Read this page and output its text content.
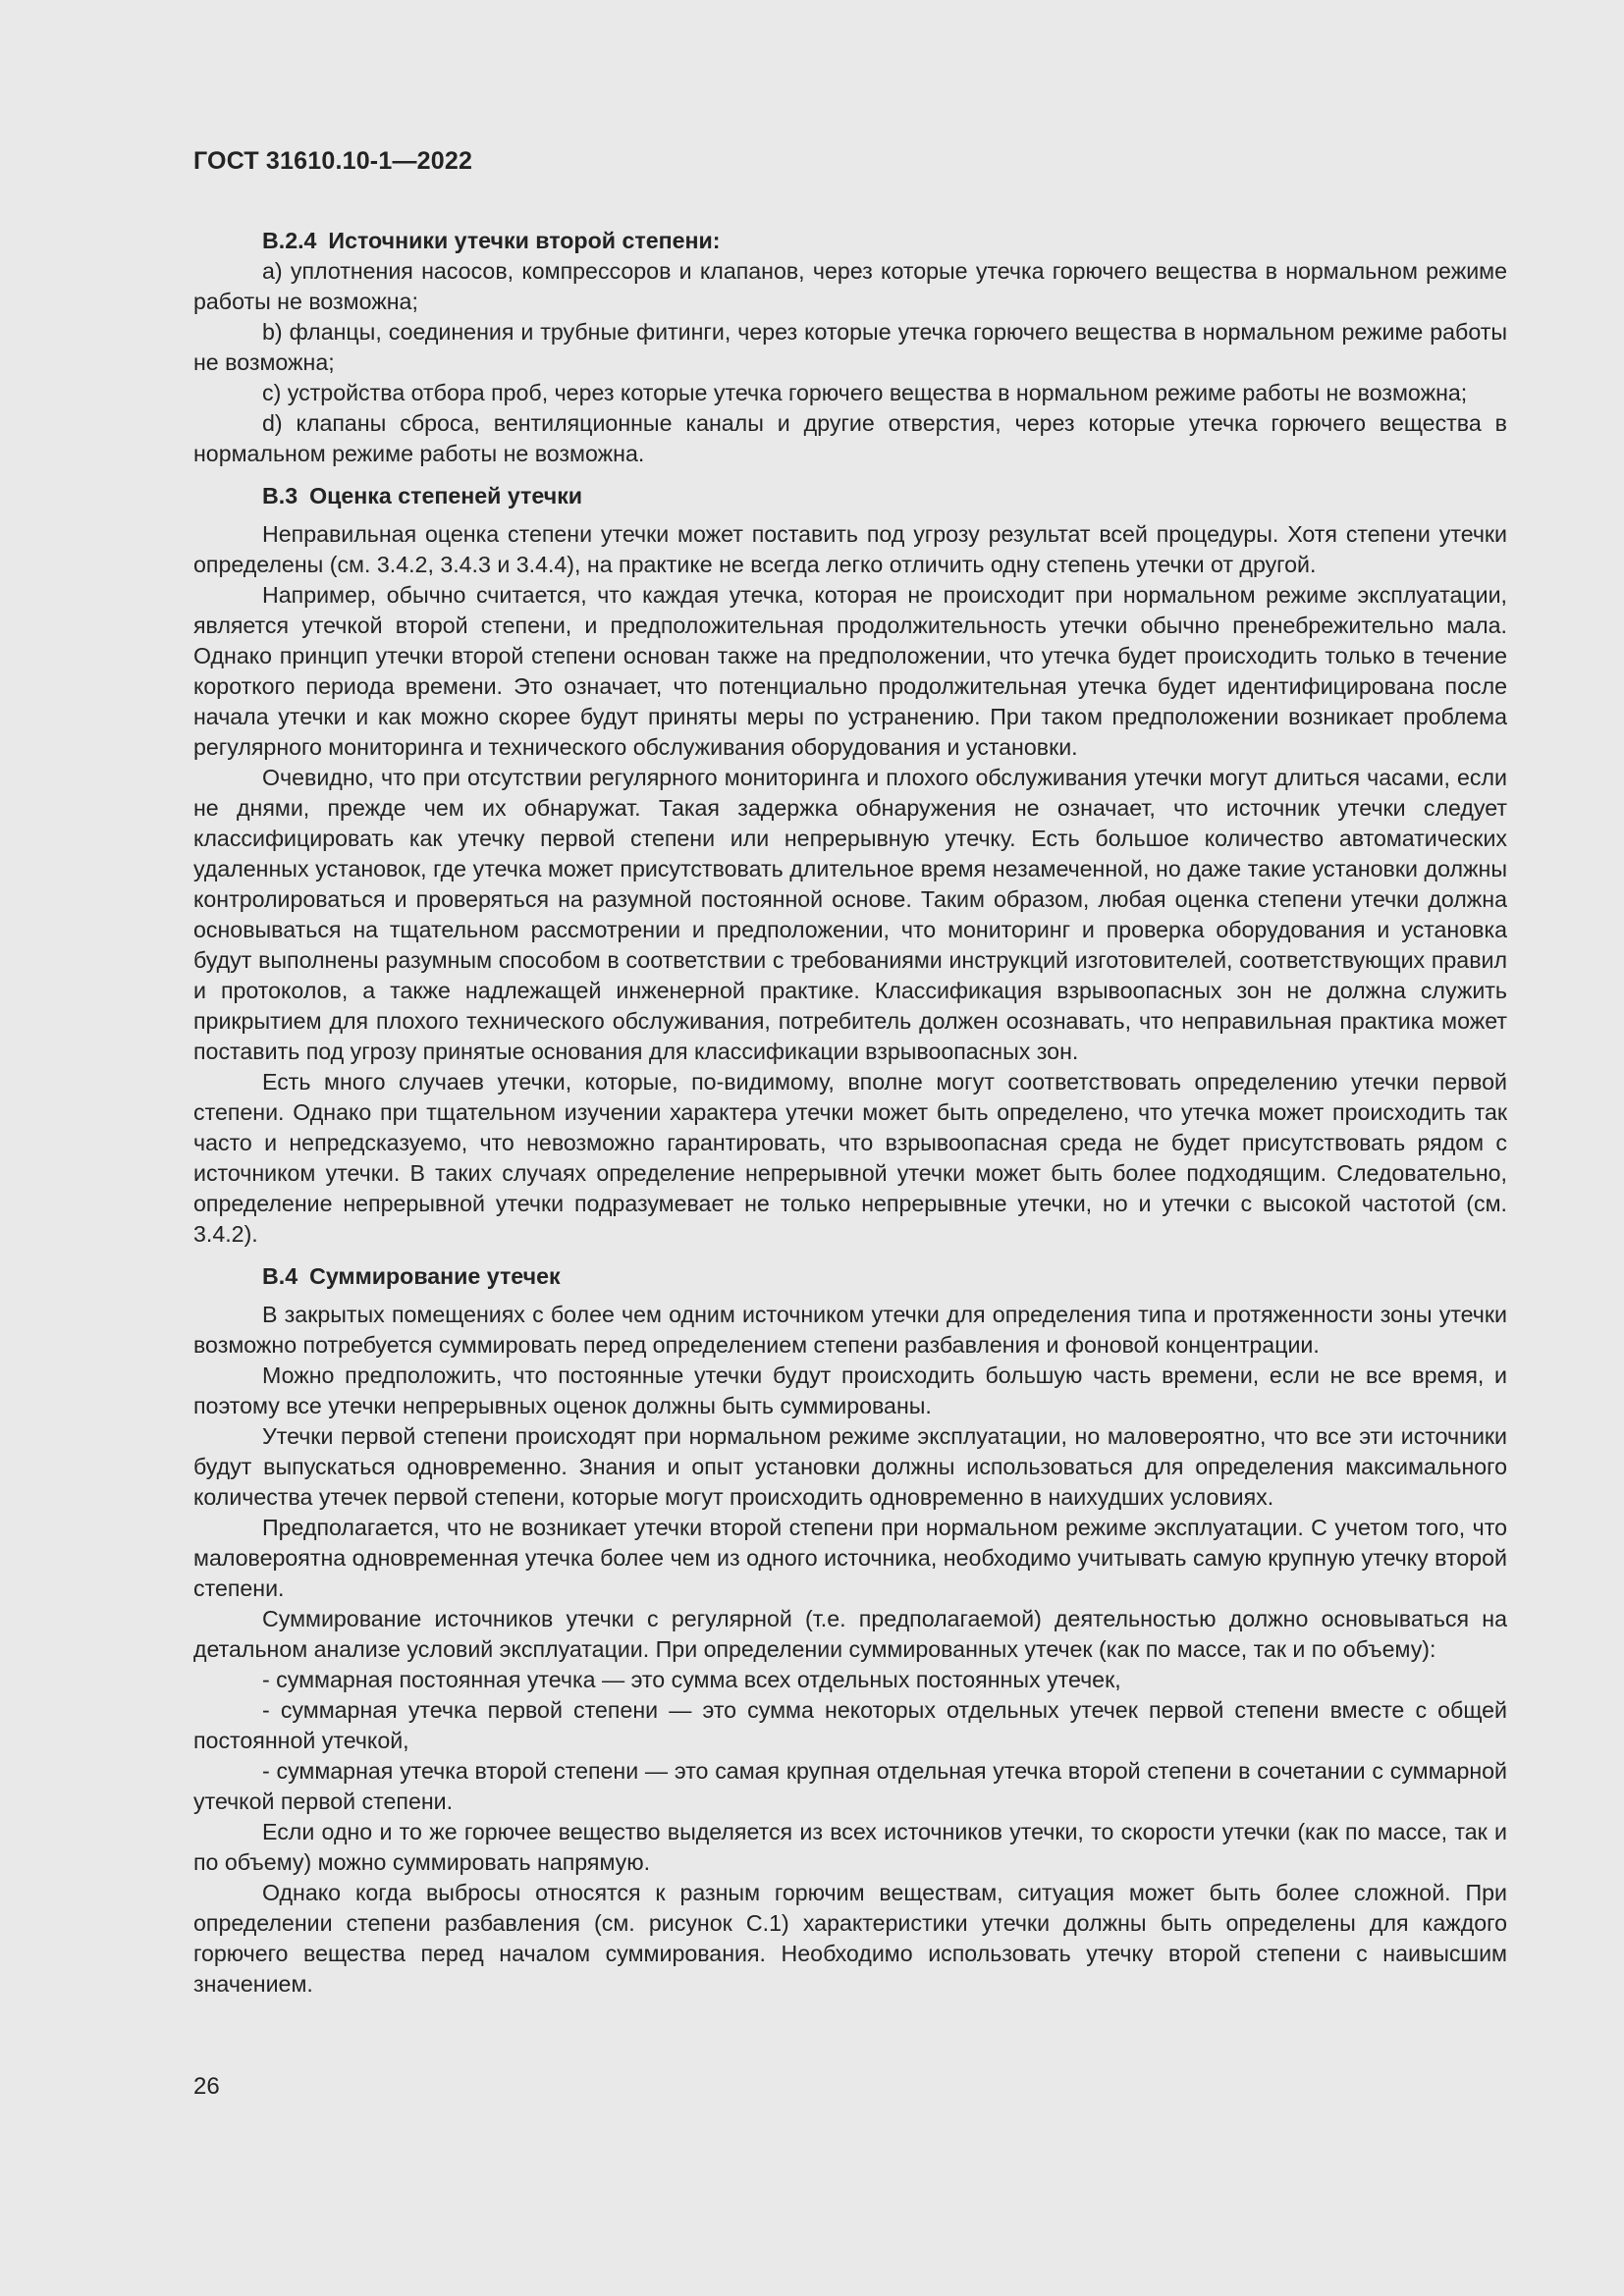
ГОСТ 31610.10-1—2022
В.2.4 Источники утечки второй степени:

a) уплотнения насосов, компрессоров и клапанов, через которые утечка горючего вещества в нормальном режиме работы не возможна;

b) фланцы, соединения и трубные фитинги, через которые утечка горючего вещества в нормальном режиме работы не возможна;

c) устройства отбора проб, через которые утечка горючего вещества в нормальном режиме работы не возможна;

d) клапаны сброса, вентиляционные каналы и другие отверстия, через которые утечка горючего вещества в нормальном режиме работы не возможна.

В.3 Оценка степеней утечки

Неправильная оценка степени утечки может поставить под угрозу результат всей процедуры. Хотя степени утечки определены (см. 3.4.2, 3.4.3 и 3.4.4), на практике не всегда легко отличить одну степень утечки от другой.

Например, обычно считается, что каждая утечка, которая не происходит при нормальном режиме эксплуатации, является утечкой второй степени, и предположительная продолжительность утечки обычно пренебрежительно мала. Однако принцип утечки второй степени основан также на предположении, что утечка будет происходить только в течение короткого периода времени. Это означает, что потенциально продолжительная утечка будет идентифицирована после начала утечки и как можно скорее будут приняты меры по устранению. При таком предположении возникает проблема регулярного мониторинга и технического обслуживания оборудования и установки.

Очевидно, что при отсутствии регулярного мониторинга и плохого обслуживания утечки могут длиться часами, если не днями, прежде чем их обнаружат. Такая задержка обнаружения не означает, что источник утечки следует классифицировать как утечку первой степени или непрерывную утечку. Есть большое количество автоматических удаленных установок, где утечка может присутствовать длительное время незамеченной, но даже такие установки должны контролироваться и проверяться на разумной постоянной основе. Таким образом, любая оценка степени утечки должна основываться на тщательном рассмотрении и предположении, что мониторинг и проверка оборудования и установка будут выполнены разумным способом в соответствии с требованиями инструкций изготовителей, соответствующих правил и протоколов, а также надлежащей инженерной практике. Классификация взрывоопасных зон не должна служить прикрытием для плохого технического обслуживания, потребитель должен осознавать, что неправильная практика может поставить под угрозу принятые основания для классификации взрывоопасных зон.

Есть много случаев утечки, которые, по-видимому, вполне могут соответствовать определению утечки первой степени. Однако при тщательном изучении характера утечки может быть определено, что утечка может происходить так часто и непредсказуемо, что невозможно гарантировать, что взрывоопасная среда не будет присутствовать рядом с источником утечки. В таких случаях определение непрерывной утечки может быть более подходящим. Следовательно, определение непрерывной утечки подразумевает не только непрерывные утечки, но и утечки с высокой частотой (см. 3.4.2).

В.4 Суммирование утечек

В закрытых помещениях с более чем одним источником утечки для определения типа и протяженности зоны утечки возможно потребуется суммировать перед определением степени разбавления и фоновой концентрации.

Можно предположить, что постоянные утечки будут происходить большую часть времени, если не все время, и поэтому все утечки непрерывных оценок должны быть суммированы.

Утечки первой степени происходят при нормальном режиме эксплуатации, но маловероятно, что все эти источники будут выпускаться одновременно. Знания и опыт установки должны использоваться для определения максимального количества утечек первой степени, которые могут происходить одновременно в наихудших условиях.

Предполагается, что не возникает утечки второй степени при нормальном режиме эксплуатации. С учетом того, что маловероятна одновременная утечка более чем из одного источника, необходимо учитывать самую крупную утечку второй степени.

Суммирование источников утечки с регулярной (т.е. предполагаемой) деятельностью должно основываться на детальном анализе условий эксплуатации. При определении суммированных утечек (как по массе, так и по объему):

- суммарная постоянная утечка — это сумма всех отдельных постоянных утечек,

- суммарная утечка первой степени — это сумма некоторых отдельных утечек первой степени вместе с общей постоянной утечкой,

- суммарная утечка второй степени — это самая крупная отдельная утечка второй степени в сочетании с суммарной утечкой первой степени.

Если одно и то же горючее вещество выделяется из всех источников утечки, то скорости утечки (как по массе, так и по объему) можно суммировать напрямую.

Однако когда выбросы относятся к разным горючим веществам, ситуация может быть более сложной. При определении степени разбавления (см. рисунок С.1) характеристики утечки должны быть определены для каждого горючего вещества перед началом суммирования. Необходимо использовать утечку второй степени с наивысшим значением.

26
